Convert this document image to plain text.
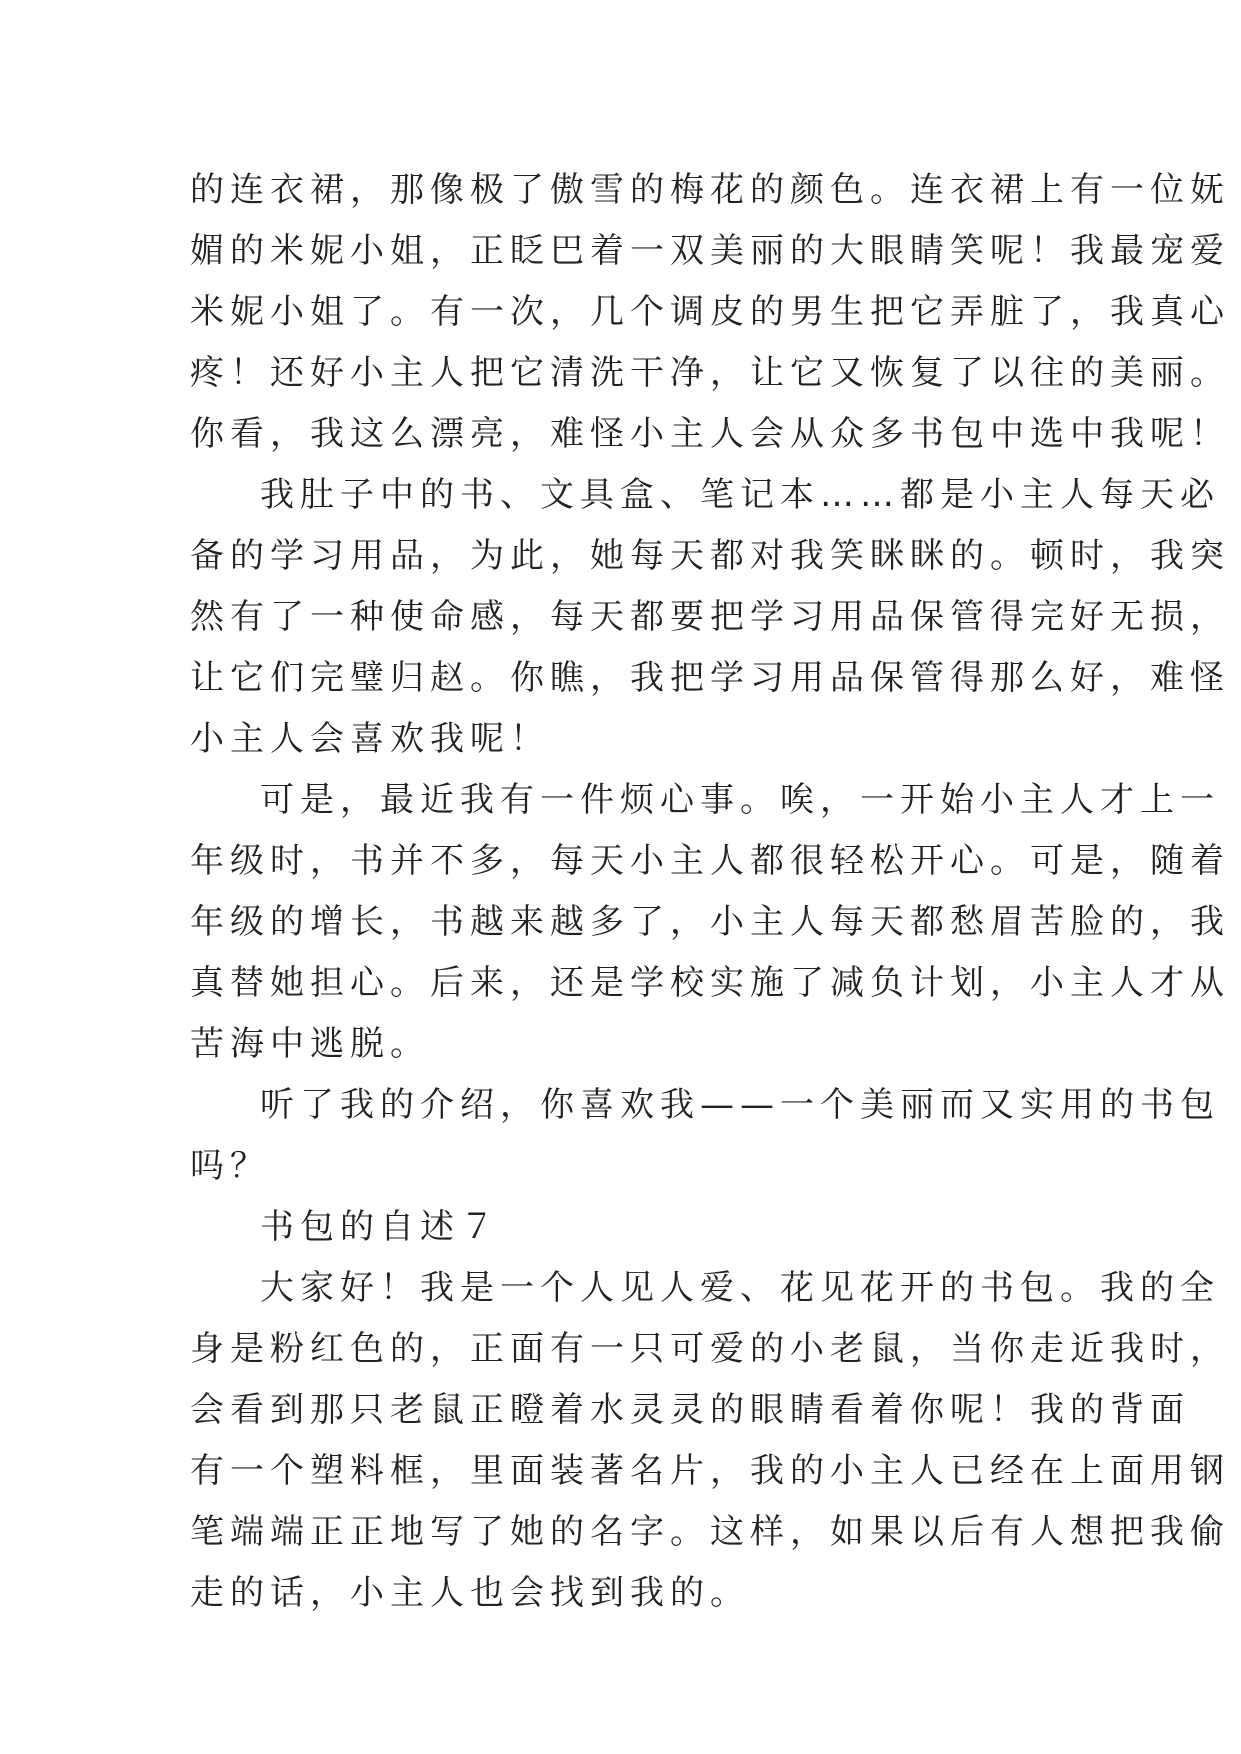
的连衣裙，那像极了傲雪的梅花的颜色。连衣裙上有一位妩
媚的米妮小姐，正眨巴着一双美丽的大眼睛笑呢！我最宠爱
米妮小姐了。有一次，几个调皮的男生把它弄脏了，我真心
疼！还好小主人把它清洗干净，让它又恢复了以往的美丽。
你看，我这么漂亮，难怪小主人会从众多书包中选中我呢！

我肚子中的书、文具盒、笔记本……都是小主人每天必
备的学习用品，为此，她每天都对我笑眯眯的。顿时，我突
然有了一种使命感，每天都要把学习用品保管得完好无损，
让它们完璧归赵。你瞧，我把学习用品保管得那么好，难怪
小主人会喜欢我呢！

可是，最近我有一件烦心事。唉，一开始小主人才上一
年级时，书并不多，每天小主人都很轻松开心。可是，随着
年级的增长，书越来越多了，小主人每天都愁眉苦脸的，我
真替她担心。后来，还是学校实施了减负计划，小主人才从
苦海中逃脱。

听了我的介绍，你喜欢我——一个美丽而又实用的书包
吗？

书包的自述７

大家好！我是一个人见人爱、花见花开的书包。我的全
身是粉红色的，正面有一只可爱的小老鼠，当你走近我时，
会看到那只老鼠正瞪着水灵灵的眼睛看着你呢！我的背面
有一个塑料框，里面装著名片，我的小主人已经在上面用钢
笔端端正正地写了她的名字。这样，如果以后有人想把我偷
走的话，小主人也会找到我的。
